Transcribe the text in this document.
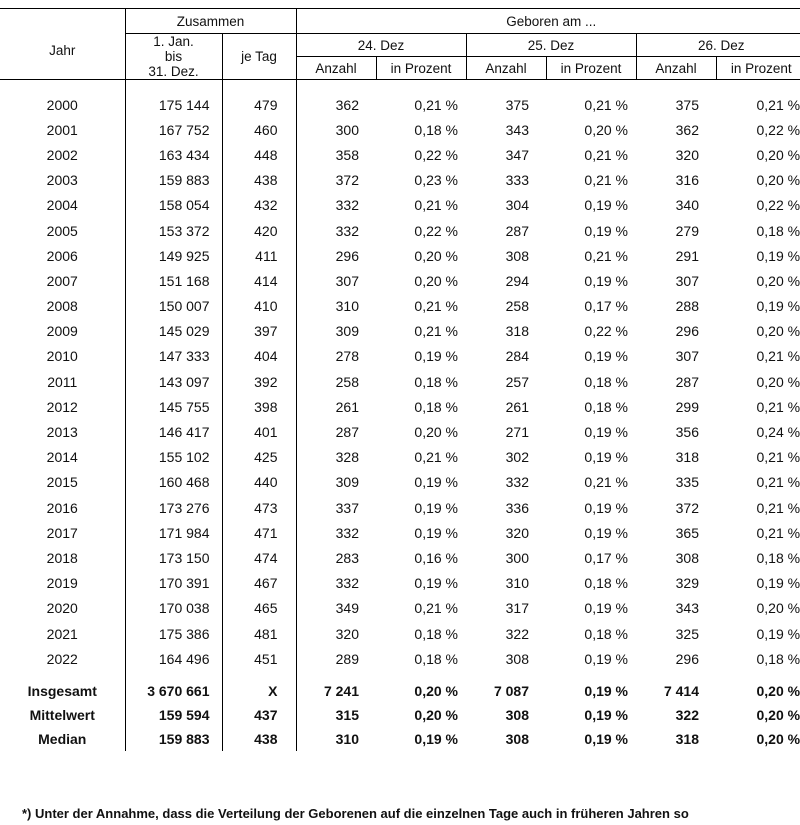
Jahr	Zusammen		Geboren am ...					
	1. Jan.
bis
31. Dez.	je Tag	24. Dez		25. Dez		26. Dez	
			Anzahl	in Prozent	Anzahl	in Prozent	Anzahl	in Prozent
2000	175 144	479	362	0,21 %	375	0,21 %	375	0,21 %
2001	167 752	460	300	0,18 %	343	0,20 %	362	0,22 %
2002	163 434	448	358	0,22 %	347	0,21 %	320	0,20 %
2003	159 883	438	372	0,23 %	333	0,21 %	316	0,20 %
2004	158 054	432	332	0,21 %	304	0,19 %	340	0,22 %
2005	153 372	420	332	0,22 %	287	0,19 %	279	0,18 %
2006	149 925	411	296	0,20 %	308	0,21 %	291	0,19 %
2007	151 168	414	307	0,20 %	294	0,19 %	307	0,20 %
2008	150 007	410	310	0,21 %	258	0,17 %	288	0,19 %
2009	145 029	397	309	0,21 %	318	0,22 %	296	0,20 %
2010	147 333	404	278	0,19 %	284	0,19 %	307	0,21 %
2011	143 097	392	258	0,18 %	257	0,18 %	287	0,20 %
2012	145 755	398	261	0,18 %	261	0,18 %	299	0,21 %
2013	146 417	401	287	0,20 %	271	0,19 %	356	0,24 %
2014	155 102	425	328	0,21 %	302	0,19 %	318	0,21 %
2015	160 468	440	309	0,19 %	332	0,21 %	335	0,21 %
2016	173 276	473	337	0,19 %	336	0,19 %	372	0,21 %
2017	171 984	471	332	0,19 %	320	0,19 %	365	0,21 %
2018	173 150	474	283	0,16 %	300	0,17 %	308	0,18 %
2019	170 391	467	332	0,19 %	310	0,18 %	329	0,19 %
2020	170 038	465	349	0,21 %	317	0,19 %	343	0,20 %
2021	175 386	481	320	0,18 %	322	0,18 %	325	0,19 %
2022	164 496	451	289	0,18 %	308	0,19 %	296	0,18 %
Insgesamt	3 670 661	X	7 241	0,20 %	7 087	0,19 %	7 414	0,20 %
Mittelwert	159 594	437	315	0,20 %	308	0,19 %	322	0,20 %
Median	159 883	438	310	0,19 %	308	0,19 %	318	0,20 %
*) Unter der Annahme, dass die Verteilung der Geborenen auf die einzelnen Tage auch in früheren Jahren so
